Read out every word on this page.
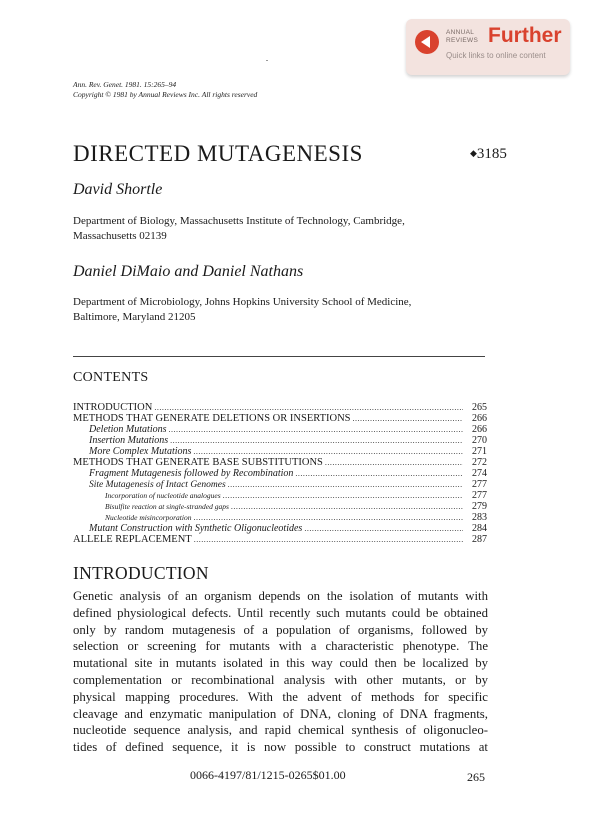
ANNUAL
REVIEWS Further
Quick links to online content
Ann. Rev. Genet. 1981. 15:265–94
Copyright © 1981 by Annual Reviews Inc. All rights reserved
DIRECTED MUTAGENESIS	◆ 3185
David Shortle
Department of Biology, Massachusetts Institute of Technology, Cambridge,
Massachusetts 02139
Daniel DiMaio and Daniel Nathans
Department of Microbiology, Johns Hopkins University School of Medicine,
Baltimore, Maryland 21205
CONTENTS
INTRODUCTION .....	265
METHODS THAT GENERATE DELETIONS OR INSERTIONS .....	266
Deletion Mutations .....	266
Insertion Mutations .....	270
More Complex Mutations .....	271
METHODS THAT GENERATE BASE SUBSTITUTIONS .....	272
Fragment Mutagenesis followed by Recombination .....	274
Site Mutagenesis of Intact Genomes .....	277
Incorporation of nucleotide analogues .....	277
Bisulfite reaction at single-stranded gaps .....	279
Nucleotide misincorporation .....	283
Mutant Construction with Synthetic Oligonucleotides .....	284
ALLELE REPLACEMENT .....	287
INTRODUCTION
Genetic analysis of an organism depends on the isolation of mutants with
defined physiological defects. Until recently such mutants could be obtained
only by random mutagenesis of a population of organisms, followed by
selection or screening for mutants with a characteristic phenotype. The
mutational site in mutants isolated in this way could then be localized by
complementation or recombinational analysis with other mutants, or by
physical mapping procedures. With the advent of methods for specific
cleavage and enzymatic manipulation of DNA, cloning of DNA fragments,
nucleotide sequence analysis, and rapid chemical synthesis of oligonucleo-
tides of defined sequence, it is now possible to construct mutations at
0066-4197/81/1215-0265$01.00	265
